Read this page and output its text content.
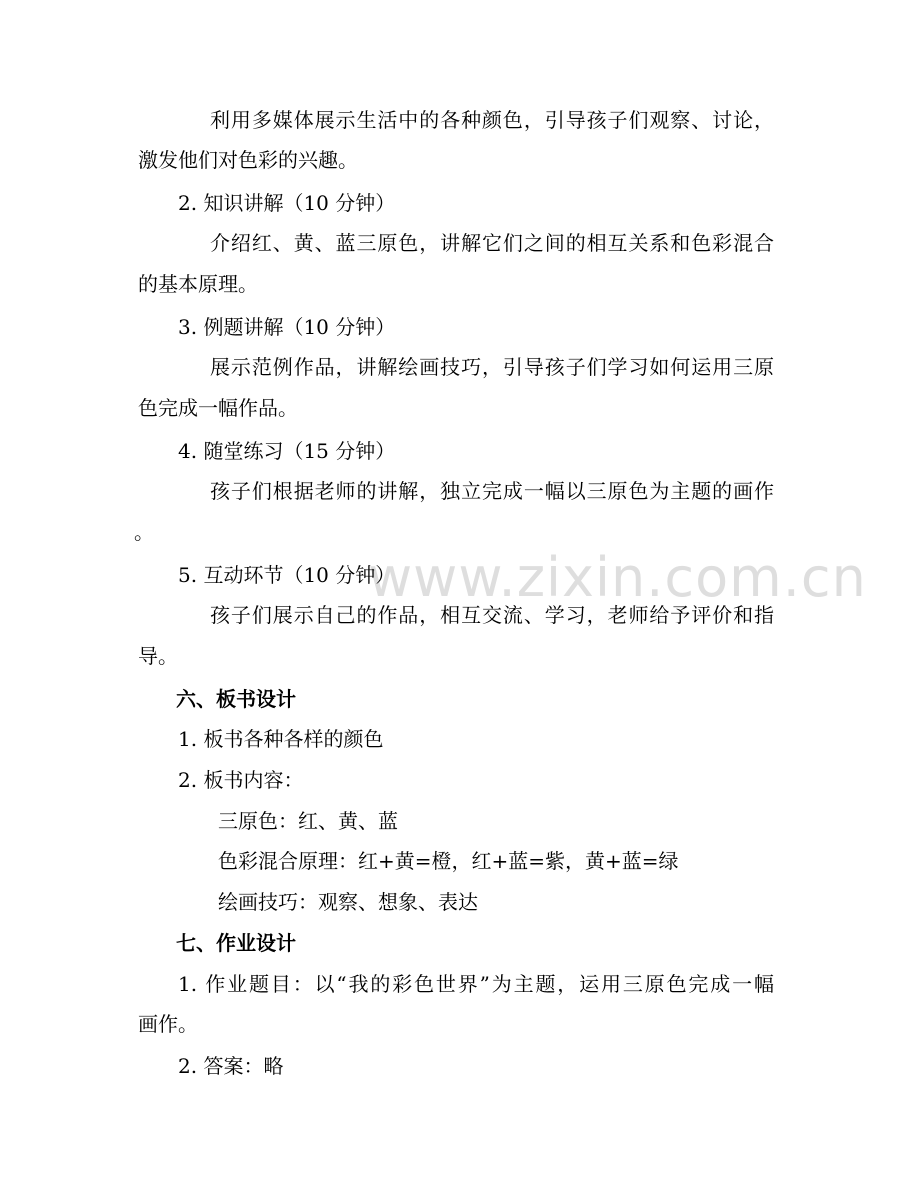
www.zixin.com.cn

利用多媒体展示生活中的各种颜色，引导孩子们观察、讨论，

激发他们对色彩的兴趣。

2. 知识讲解（10 分钟）

介绍红、黄、蓝三原色，讲解它们之间的相互关系和色彩混合

的基本原理。

3. 例题讲解（10 分钟）

展示范例作品，讲解绘画技巧，引导孩子们学习如何运用三原

色完成一幅作品。

4. 随堂练习（15 分钟）

孩子们根据老师的讲解，独立完成一幅以三原色为主题的画作

。

5. 互动环节（10 分钟）

孩子们展示自己的作品，相互交流、学习，老师给予评价和指

导。

六、板书设计

1. 板书各种各样的颜色

2. 板书内容：

三原色：红、黄、蓝

色彩混合原理：红+黄=橙，红+蓝=紫，黄+蓝=绿

绘画技巧：观察、想象、表达

七、作业设计

1. 作业题目：以“我的彩色世界”为主题，运用三原色完成一幅

画作。

2. 答案：略
